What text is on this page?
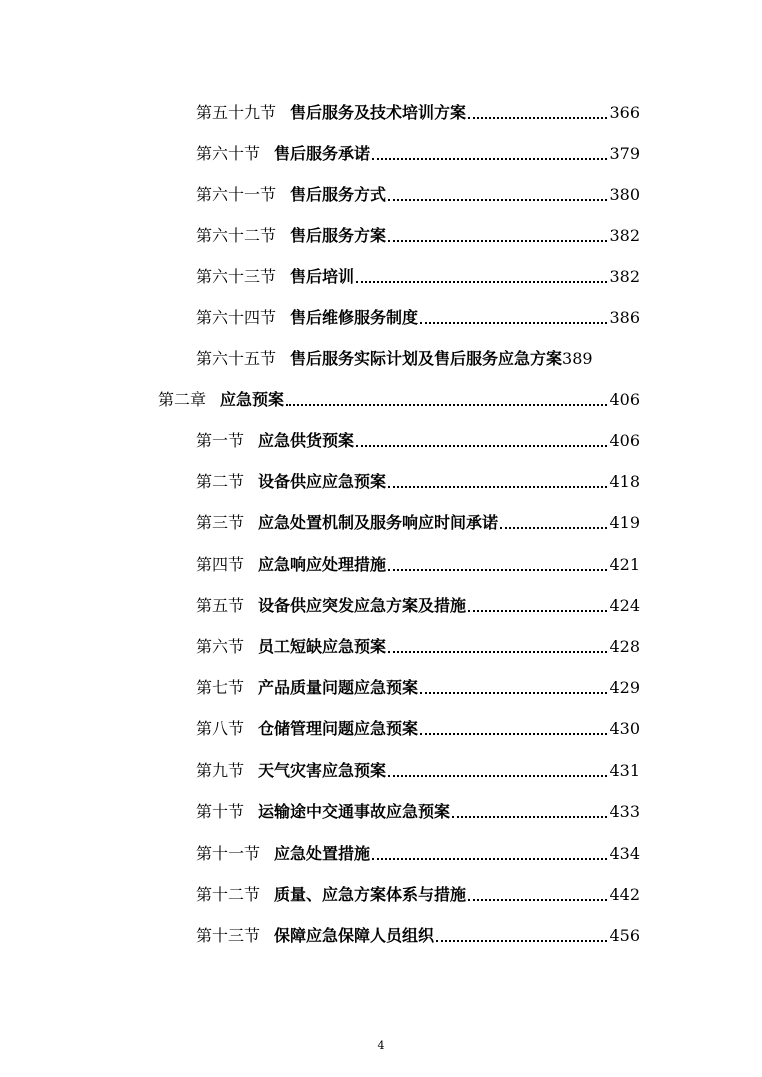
第五十九节 售后服务及技术培训方案	366
第六十节 售后服务承诺	379
第六十一节 售后服务方式	380
第六十二节 售后服务方案	382
第六十三节 售后培训	382
第六十四节 售后维修服务制度	386
第六十五节 售后服务实际计划及售后服务应急方案 389
第二章 应急预案	406
第一节 应急供货预案	406
第二节 设备供应应急预案	418
第三节 应急处置机制及服务响应时间承诺	419
第四节 应急响应处理措施	421
第五节 设备供应突发应急方案及措施	424
第六节 员工短缺应急预案	428
第七节 产品质量问题应急预案	429
第八节 仓储管理问题应急预案	430
第九节 天气灾害应急预案	431
第十节 运输途中交通事故应急预案	433
第十一节 应急处置措施	434
第十二节 质量、应急方案体系与措施	442
第十三节 保障应急保障人员组织	456
4
